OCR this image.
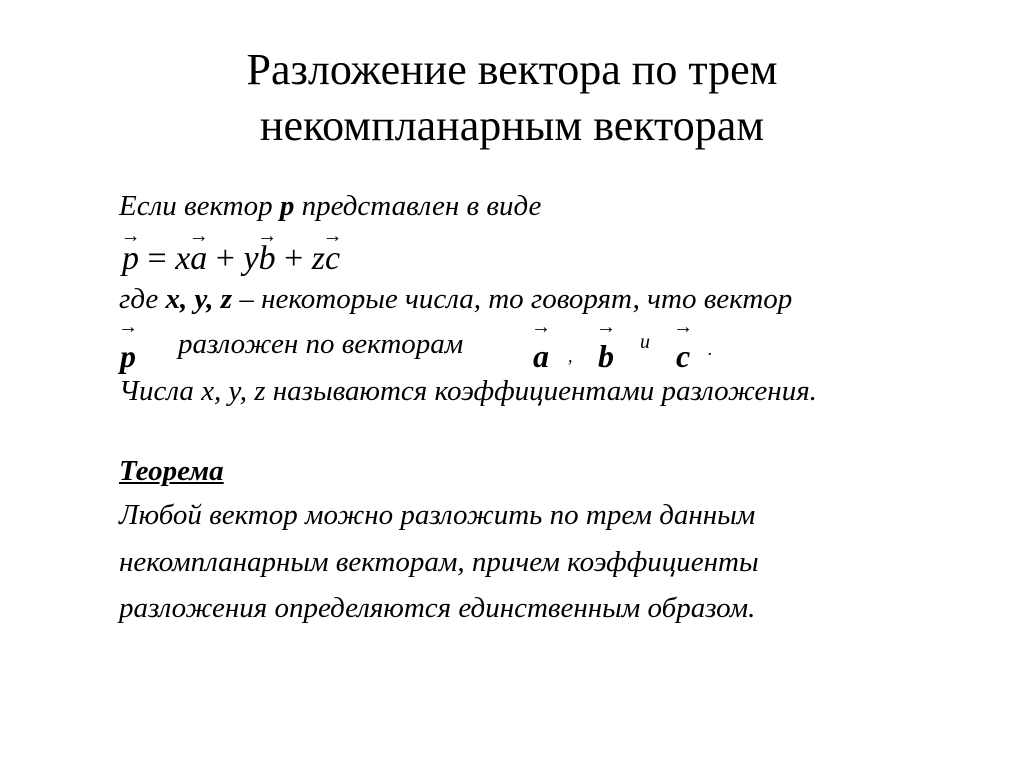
Разложение вектора по трем
некомпланарным векторам
Если вектор p представлен в виде
→
p = x
→
a + y
→
b + z
→
c
где x, y, z – некоторые числа, то говорят, что вектор
→
p разложен по векторам
→
a ,
→
b и
→
c .
Числа x, y, z называются коэффициентами разложения.
Теорема
Любой вектор можно разложить по трем данным
некомпланарным векторам, причем коэффициенты
разложения определяются единственным образом.
